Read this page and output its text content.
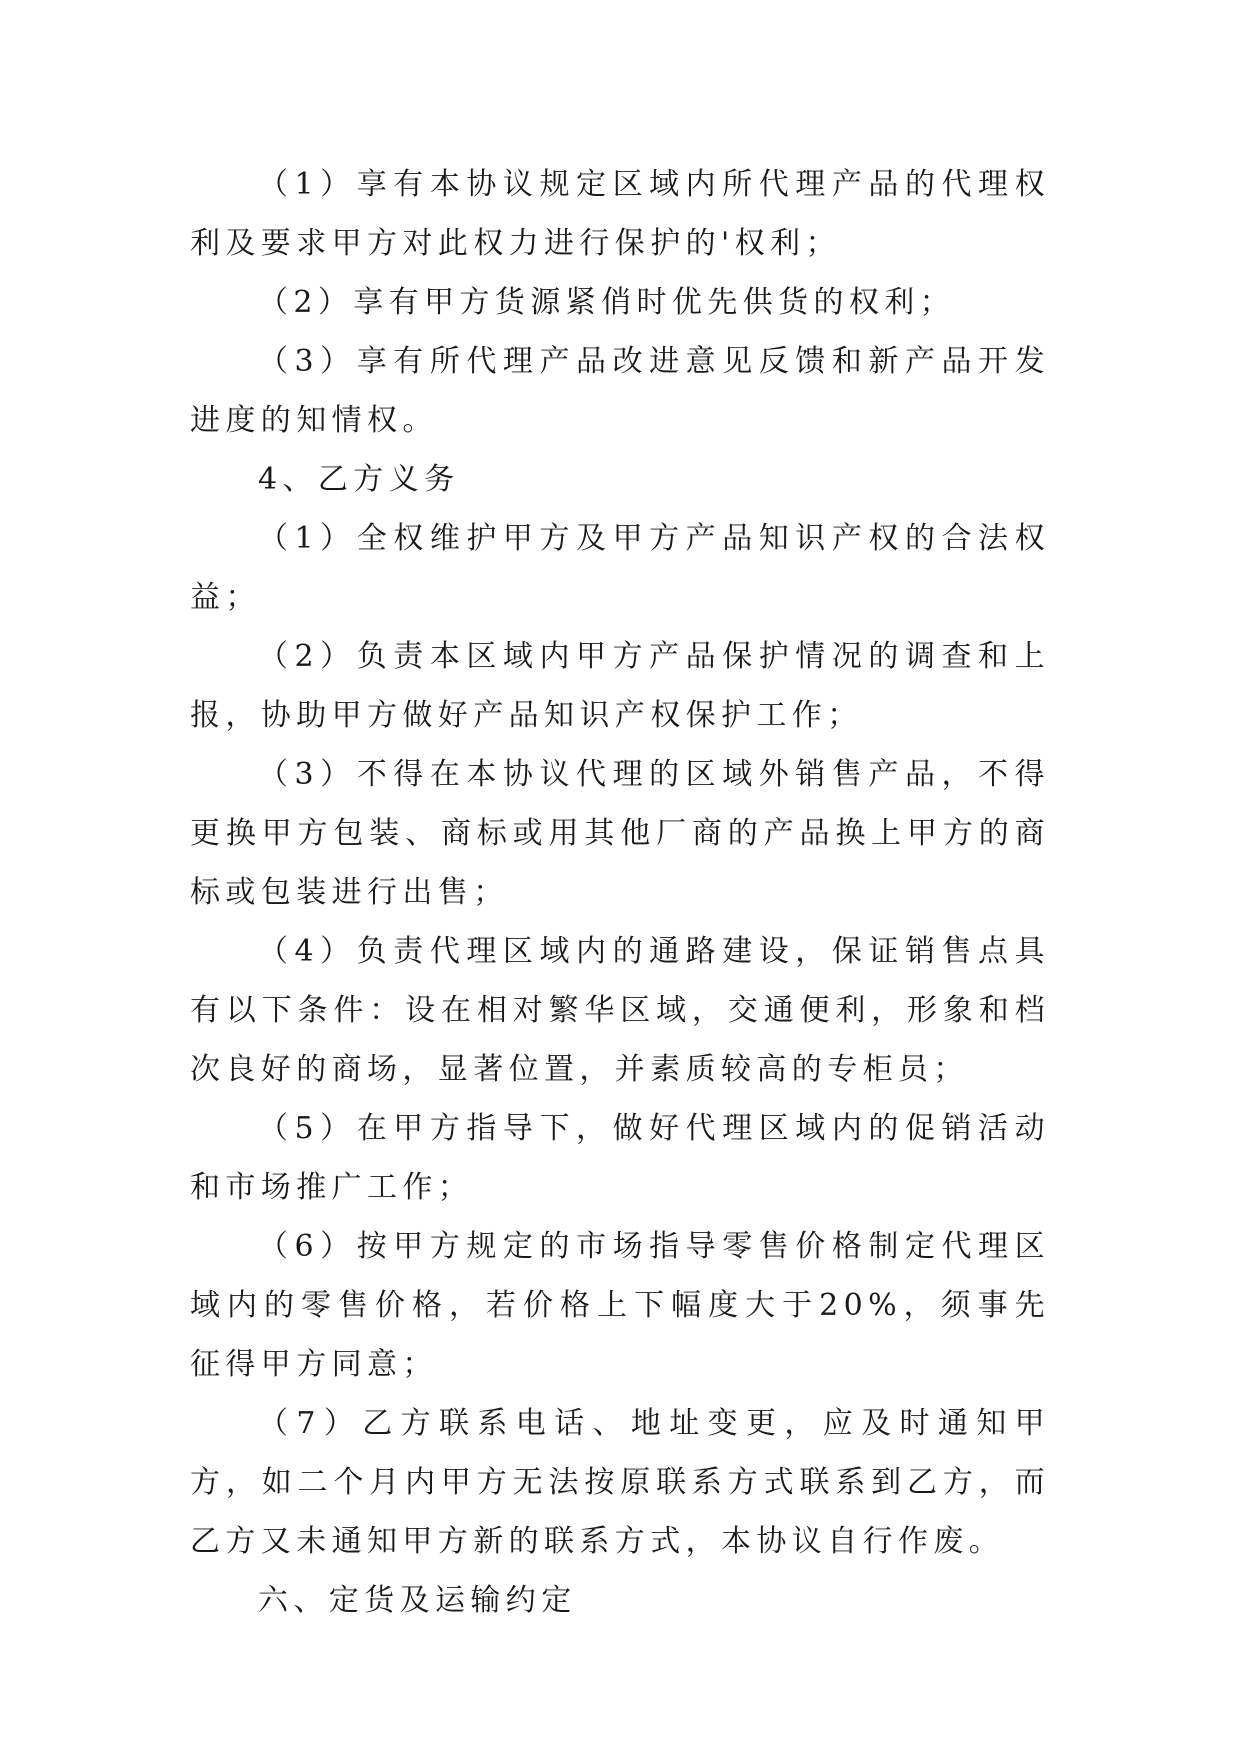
（1）享有本协议规定区域内所代理产品的代理权利及要求甲方对此权力进行保护的'权利；

（2）享有甲方货源紧俏时优先供货的权利；

（3）享有所代理产品改进意见反馈和新产品开发进度的知情权。

4、乙方义务

（1）全权维护甲方及甲方产品知识产权的合法权益；

（2）负责本区域内甲方产品保护情况的调查和上报，协助甲方做好产品知识产权保护工作；

（3）不得在本协议代理的区域外销售产品，不得更换甲方包装、商标或用其他厂商的产品换上甲方的商标或包装进行出售；

（4）负责代理区域内的通路建设，保证销售点具有以下条件：设在相对繁华区域，交通便利，形象和档次良好的商场，显著位置，并素质较高的专柜员；

（5）在甲方指导下，做好代理区域内的促销活动和市场推广工作；

（6）按甲方规定的市场指导零售价格制定代理区域内的零售价格，若价格上下幅度大于20%，须事先征得甲方同意；

（7）乙方联系电话、地址变更，应及时通知甲方，如二个月内甲方无法按原联系方式联系到乙方，而乙方又未通知甲方新的联系方式，本协议自行作废。

六、定货及运输约定
